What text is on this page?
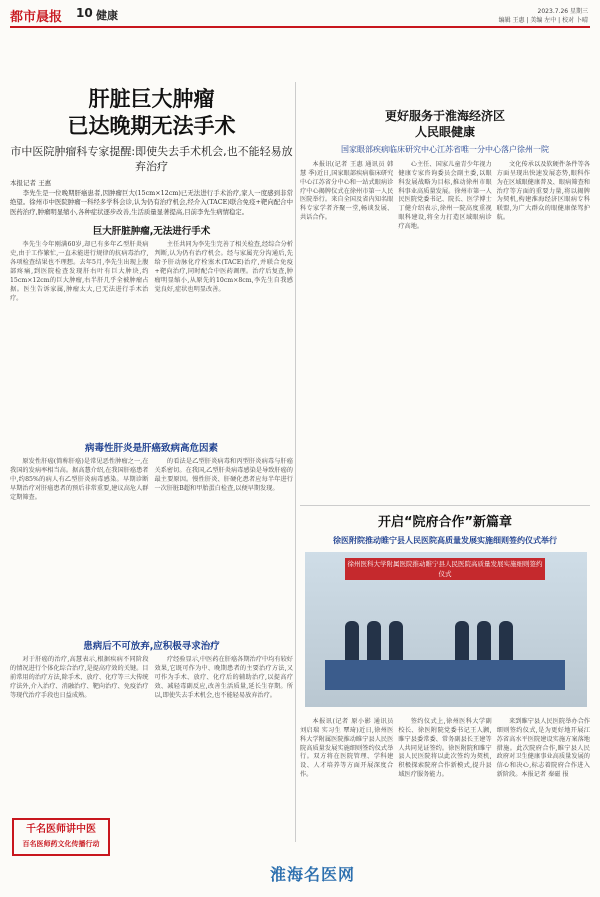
都市晨报 10 健康	2023.7.26 星期三
编辑 王惠 | 美编 左中 | 校对 卜晴
肝脏巨大肿瘤
已达晚期无法手术
市中医院肿瘤科专家提醒:即使失去手术机会,也不能轻易放弃治疗
本报记者 王惠

李先生是一位晚期肝癌患者,因肿瘤巨大(15cm×12cm)已无法进行手术治疗,家人一度感到非常绝望。徐州市中医院肿瘤一科经多学科会诊,认为仍有治疗机会,经介入(TACE)联合免疫+靶向配合中医药治疗,肿瘤明显缩小,各种症状逐步改善,生活质量显著提高,目前李先生病情稳定。

巨大肝脏肿瘤,无法进行手术

李先生今年刚满60岁,却已有多年乙型肝炎病史,由于工作繁忙,一直未能进行规律的抗病毒治疗,各项检查结果也不理想。去年5月,李先生出现上腹部疼痛,到医院检查发现肝右叶有巨大肿块,约15cm×12cm的巨大肿瘤,右半肝几乎全被肿瘤占据。医生告诉家属,肿瘤太大,已无法进行手术治疗。

主任共同为李先生完善了相关检查,经综合分析判断,认为仍有治疗机会。经与家属充分沟通后,先给予肝动脉化疗栓塞术(TACE)治疗,并联合免疫+靶向治疗,同时配合中医药调理。治疗后复查,肿瘤明显缩小,从原先的10cm×8cm,李先生自我感觉良好,症状也明显改善。

病毒性肝炎是肝癌致病高危因素

原发性肝癌(简称肝癌)是常见恶性肿瘤之一,在我国的发病率相当高。据高慧介绍,在我国肝癌患者中,约85%的病人有乙型肝炎病毒感染。早期诊断早期治疗对肝癌患者的预后非常重要,建议高危人群定期筛查。

的看法是乙型肝炎病毒和丙型肝炎病毒与肝癌关系密切。在我国,乙型肝炎病毒感染是导致肝癌的最主要原因。慢性肝炎、肝硬化患者应每半年进行一次肝脏B超和甲胎蛋白检查,以便早期发现。

患病后不可放弃,应积极寻求治疗

对于肝癌的治疗,高慧表示,根据疾病不同阶段的情况进行个体化综合治疗,是提高疗效的关键。目前常用的治疗方法,除手术、放疗、化疗等三大传统疗法外,介入治疗、消融治疗、靶向治疗、免疫治疗等现代治疗手段也日益成熟。

疗经验显示,中医药在肝癌各期治疗中均有较好效果,它既可作为中、晚期患者的主要治疗方法,又可作为手术、放疗、化疗后的辅助治疗,以提高疗效、减轻毒副反应,改善生活质量,延长生存期。所以,即使失去手术机会,也不能轻易放弃治疗。

千名医师讲中医
百名医师药文化传播行动
更好服务于淮海经济区
人民眼健康
国家眼部疾病临床研究中心江苏省唯一分中心落户徐州一院

本报讯(记者 王惠 通讯员 韩慧 季)近日,国家眼部疾病临床研究中心江苏省分中心和一站式眼病诊疗中心揭牌仪式在徐州市第一人民医院举行。来自全国及省内知名眼科专家学者齐聚一堂,畅谈发展、共话合作。

心主任、国家儿童青少年视力健康专家咨询委员会副主委,以眼科发展战略为目标,推动徐州市眼科事业高质量发展。徐州市第一人民医院党委书记、院长、医学博士丁健介绍表示,徐州一院高度重视眼科建设,将全力打造区域眼病诊疗高地。

文化传承以及软硬件条件等各方面呈现出快速发展态势,眼科作为在区域眼健康普及、眼病筛查和治疗等方面的重要力量,将以揭牌为契机,构建淮海经济区眼病专科联盟,为广大群众的眼健康保驾护航。

开启“院府合作”新篇章
徐医附院推动睢宁县人民医院高质量发展实施细则签约仪式举行
徐州医科大学附属医院推动睢宁县人民医院高质量发展实施细则签约仪式

本报讯(记者 原小影 通讯员 刘启瑞 实习生 覃琦)近日,徐州医科大学附属医院推动睢宁县人民医院高质量发展实施细则签约仪式举行。双方将在医院管理、学科建设、人才培养等方面开展深度合作。

签约仪式上,徐州医科大学副校长、徐医附院党委书记王人颢,睢宁县委常委、常务副县长王建等人共同见证签约。徐医附院和睢宁县人民医院将以此次签约为契机,积极探索院府合作新模式,提升县域医疗服务能力。

来到睢宁县人民医院举办合作细则签约仪式,是为更好地开展江苏省高水平医院建设实施方案落地措施。此次院府合作,睢宁县人民政府对卫生健康事业高质量发展的信心和决心,标志着院府合作进入新阶段。本报记者 秦磁 报

淮海名医网
